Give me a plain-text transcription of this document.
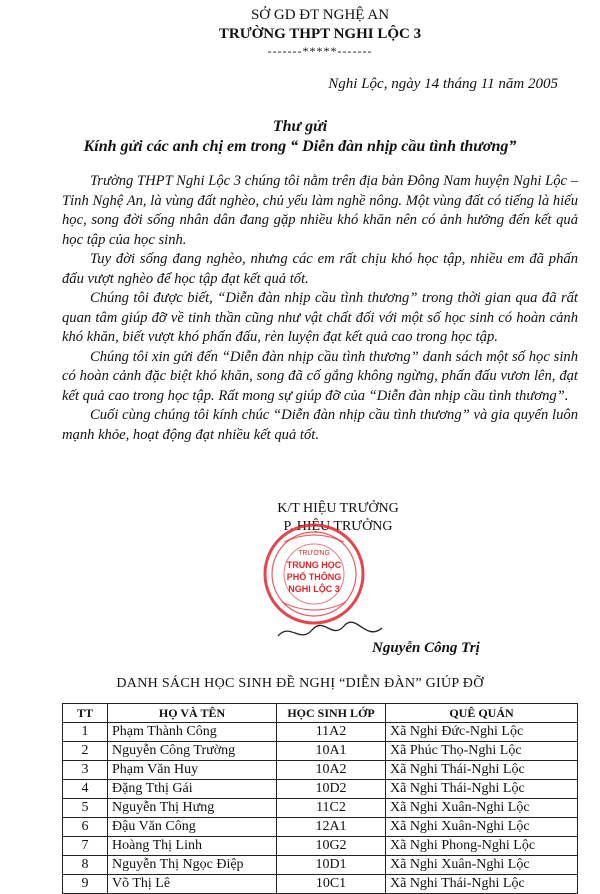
SỞ GD ĐT NGHỆ AN
TRƯỜNG THPT NGHI LỘC 3
-------*****-------
Nghi Lộc, ngày 14 tháng 11 năm 2005
Thư gửi
Kính gửi các anh chị em trong “ Diễn đàn nhịp cầu tình thương”

Trường THPT Nghi Lộc 3 chúng tôi nằm trên địa bàn Đông Nam huyện Nghi Lộc – Tỉnh Nghệ An, là vùng đất nghèo, chủ yếu làm nghề nông. Một vùng đất có tiếng là hiếu học, song đời sống nhân dân đang gặp nhiều khó khăn nên có ảnh hưởng đến kết quả học tập của học sinh.

Tuy đời sống đang nghèo, nhưng các em rất chịu khó học tập, nhiều em đã phấn đấu vượt nghèo để học tập đạt kết quả tốt.

Chúng tôi được biết, “Diễn đàn nhịp cầu tình thương” trong thời gian qua đã rất quan tâm giúp đỡ về tinh thần cũng như vật chất đối với một số học sinh có hoàn cảnh khó khăn, biết vượt khó phấn đấu, rèn luyện đạt kết quả cao trong học tập.

Chúng tôi xin gửi đến “Diễn đàn nhịp cầu tình thương” danh sách một số học sinh có hoàn cảnh đặc biệt khó khăn, song đã cố gắng không ngừng, phấn đấu vươn lên, đạt kết quả cao trong học tập. Rất mong sự giúp đỡ của “Diễn đàn nhịp cầu tình thương”.

Cuối cùng chúng tôi kính chúc “Diễn đàn nhịp cầu tình thương” và gia quyến luôn mạnh khỏe, hoạt động đạt nhiều kết quả tốt.

K/T HIỆU TRƯỞNG
P. HIỆU TRƯỞNG
TRƯỜNG
TRUNG HỌC
PHỔ THÔNG
NGHI LỘC 3
Nguyễn Công Trị
DANH SÁCH HỌC SINH ĐỀ NGHỊ “DIỄN ĐÀN” GIÚP ĐỠ
TT	HỌ VÀ TÊN	HỌC SINH LỚP	QUÊ QUÁN
1	Phạm Thành Công	11A2	Xã Nghi Đức-Nghi Lộc
2	Nguyễn Công Trường	10A1	Xã Phúc Thọ-Nghi Lộc
3	Phạm Văn Huy	10A2	Xã Nghi Thái-Nghi Lộc
4	Đặng Tthị Gái	10D2	Xã Nghi Thái-Nghi Lộc
5	Nguyễn Thị Hưng	11C2	Xã Nghi Xuân-Nghi Lộc
6	Đậu Văn Công	12A1	Xã Nghi Xuân-Nghi Lộc
7	Hoàng Thị Linh	10G2	Xã Nghi Phong-Nghi Lộc
8	Nguyễn Thị Ngọc Điệp	10D1	Xã Nghi Xuân-Nghi Lộc
9	Võ Thị Lê	10C1	Xã Nghi Thái-Nghi Lộc
